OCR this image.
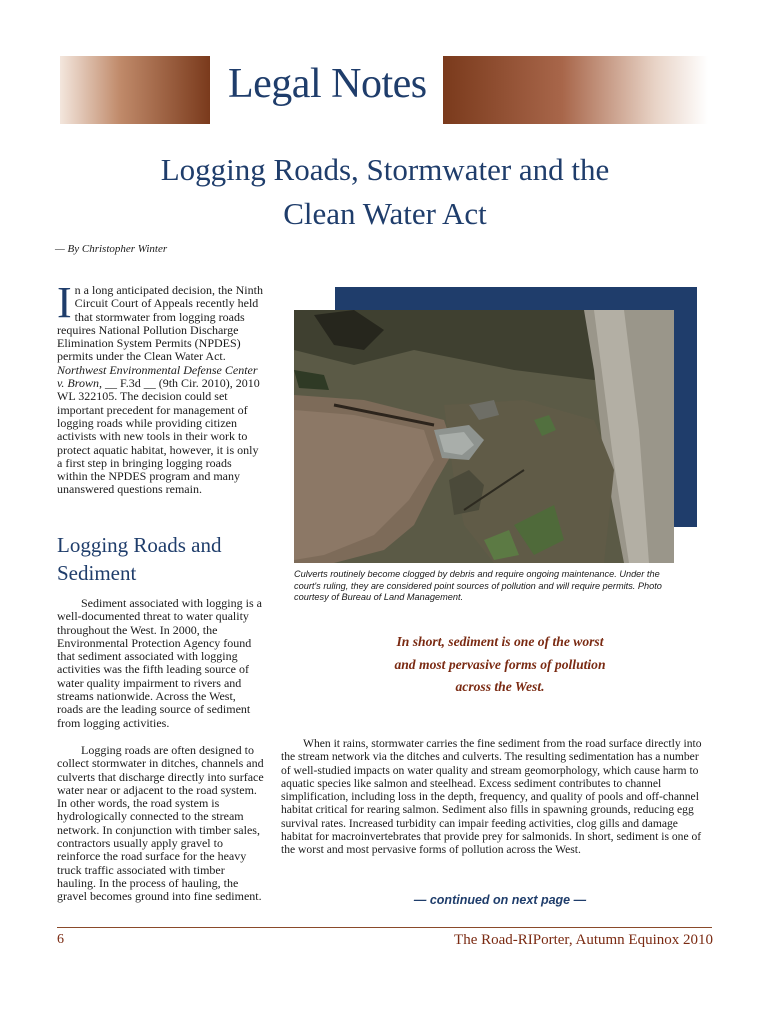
Legal Notes
Logging Roads, Stormwater and the
Clean Water Act
— By Christopher Winter
In a long anticipated decision, the Ninth Circuit Court of Appeals recently held that stormwater from logging roads requires National Pollution Discharge Elimination System Permits (NPDES) permits under the Clean Water Act. Northwest Environmental Defense Center v. Brown, __ F.3d __ (9th Cir. 2010), 2010 WL 322105. The decision could set important precedent for management of logging roads while providing citizen activists with new tools in their work to protect aquatic habitat, however, it is only a first step in bringing logging roads within the NPDES program and many unanswered questions remain.
Logging Roads and Sediment

Sediment associated with logging is a well-documented threat to water quality throughout the West. In 2000, the Environmental Protection Agency found that sediment associated with logging activities was the fifth leading source of water quality impairment to rivers and streams nationwide. Across the West, roads are the leading source of sediment from logging activities.

Logging roads are often designed to collect stormwater in ditches, channels and culverts that discharge directly into surface water near or adjacent to the road system. In other words, the road system is hydrologically connected to the stream network. In conjunction with timber sales, contractors usually apply gravel to reinforce the road surface for the heavy truck traffic associated with timber hauling. In the process of hauling, the gravel becomes ground into fine sediment.

Culverts routinely become clogged by debris and require ongoing maintenance. Under the court's ruling, they are considered point sources of pollution and will require permits. Photo courtesy of Bureau of Land Management.
In short, sediment is one of the worst
and most pervasive forms of pollution
across the West.

When it rains, stormwater carries the fine sediment from the road surface directly into the stream network via the ditches and culverts. The resulting sedimentation has a number of well-studied impacts on water quality and stream geomorphology, which cause harm to aquatic species like salmon and steelhead. Excess sediment contributes to channel simplification, including loss in the depth, frequency, and quality of pools and off-channel habitat critical for rearing salmon. Sediment also fills in spawning grounds, reducing egg survival rates. Increased turbidity can impair feeding activities, clog gills and damage habitat for macroinvertebrates that provide prey for salmonids. In short, sediment is one of the worst and most pervasive forms of pollution across the West.

— continued on next page —
6	The Road-RIPorter, Autumn Equinox 2010
